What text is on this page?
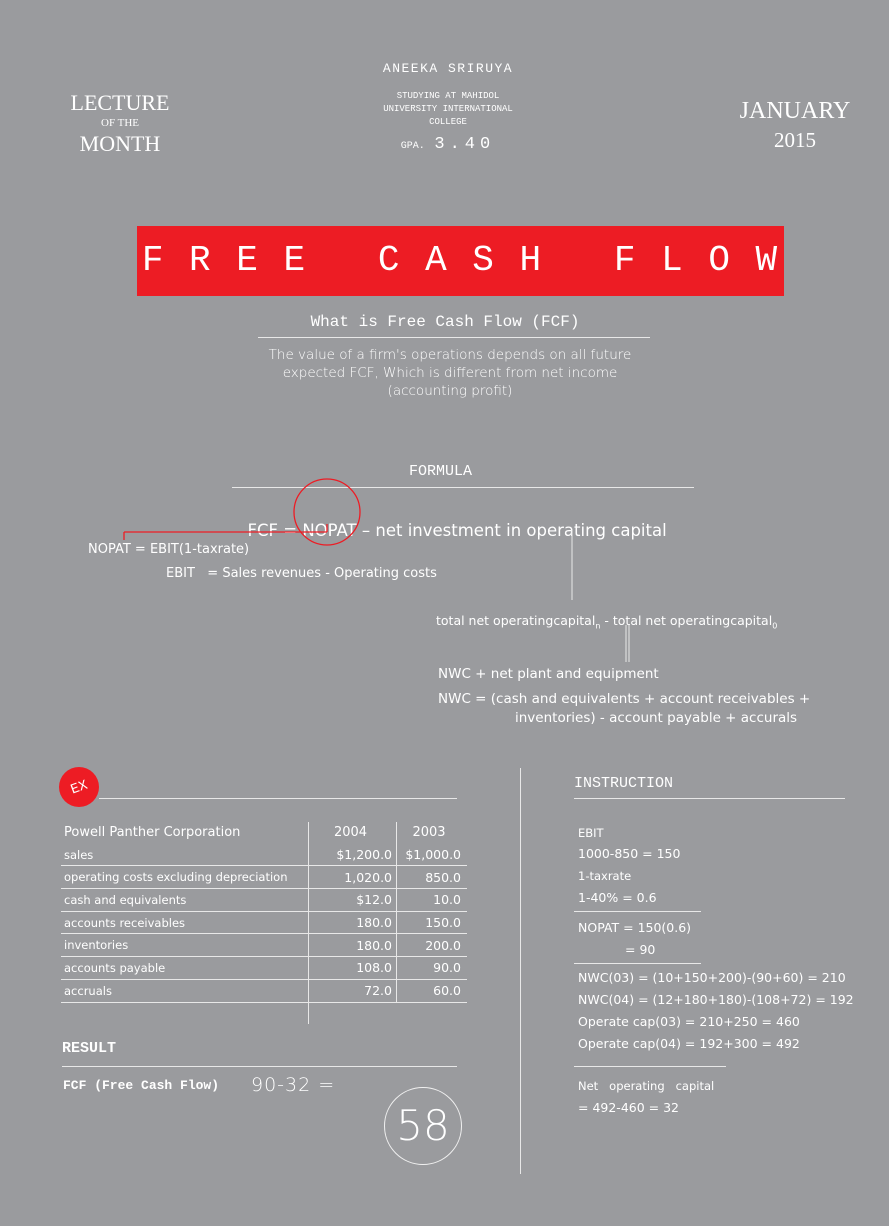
LECTURE
OF THE
MONTH
ANEEKA SRIRUYA
STUDYING AT MAHIDOL
UNIVERSITY INTERNATIONAL
COLLEGE
GPA. 3.40
JANUARY
2015
F R E E   C A S H   F L O W
What is Free Cash Flow (FCF)
The value of a firm's operations depends on all future
expected FCF, Which is different from net income
(accounting profit)
FORMULA

FCF = NOPAT – net investment in operating capital

NOPAT = EBIT(1-taxrate)
EBIT   = Sales revenues - Operating costs
total net operatingcapital$_n$ - total net operatingcapital$_0$
NWC + net plant and equipment
NWC = (cash and equivalents + account receivables +
inventories) - account payable + accurals
EX
Powell Panther Corporation	2004	2003
sales	$1,200.0	$1,000.0
operating costs excluding depreciation	1,020.0	850.0
cash and equivalents	$12.0	10.0
accounts receivables	180.0	150.0
inventories	180.0	200.0
accounts payable	108.0	90.0
accruals	72.0	60.0

RESULT
FCF (Free Cash Flow) 90-32 =
58
INSTRUCTION
EBIT
1000-850 = 150
1-taxrate
1-40% = 0.6
NOPAT = 150(0.6)
= 90
NWC(03) = (10+150+200)-(90+60) = 210
NWC(04) = (12+180+180)-(108+72) = 192
Operate cap(03) = 210+250 = 460
Operate cap(04) = 192+300 = 492
Net   operating   capital
= 492-460 = 32
